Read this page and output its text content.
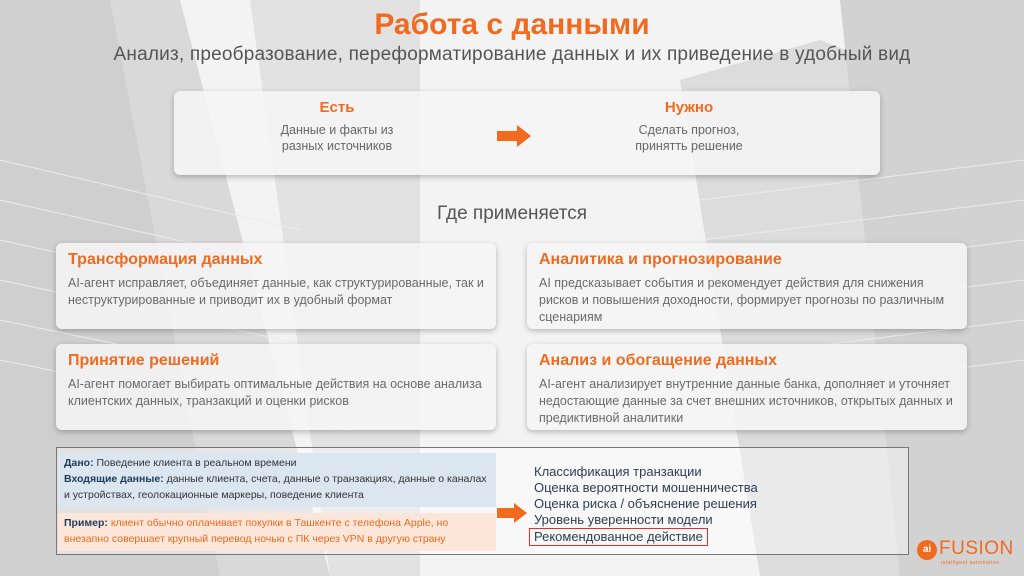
Работа с данными
Анализ, преобразование, переформатирование данных и их приведение в удобный вид
Есть
Данные и факты из
разных источников
Нужно
Сделать прогноз,
принятть решение
Где применяется
Трансформация данных
AI-агент исправляет, объединяет данные, как структурированные, так и неструктурированные и приводит их в удобный формат
Аналитика и прогнозирование
AI предсказывает события и рекомендует действия для снижения рисков и повышения доходности, формирует прогнозы по различным сценариям
Принятие решений
AI-агент помогает выбирать оптимальные действия на основе анализа клиентских данных, транзакций и оценки рисков
Анализ и обогащение данных
AI-агент анализирует внутренние данные банка, дополняет и уточняет недостающие данные за счет внешних источников, открытых данных и предиктивной аналитики
Дано: Поведение клиента в реальном времени
Входящие данные: данные клиента, счета, данные о транзакциях, данные о каналах и устройствах, геолокационные маркеры, поведение клиента
Пример: клиент обычно оплачивает покупки в Ташкенте с телефона Apple, но внезапно совершает крупный перевод ночью с ПК через VPN в другую страну
Классификация транзакции
Оценка вероятности мошенничества
Оценка риска / объяснение решения
Уровень уверенности модели
Рекомендованное действие
ai FUSION
intelligent automation
